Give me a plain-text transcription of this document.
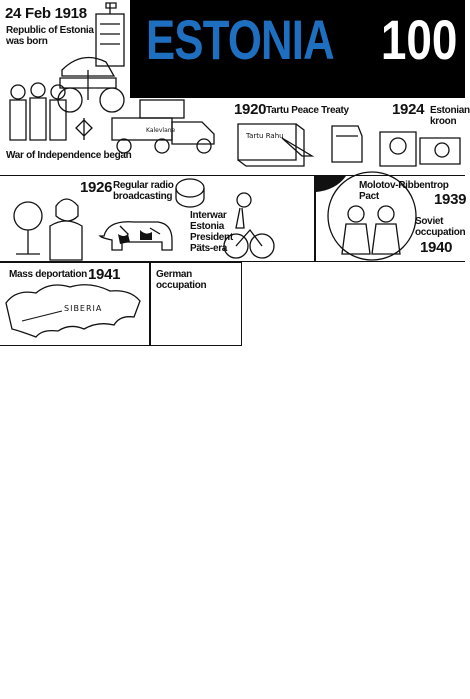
ESTONIA 100
24 Feb 1918
Republic of Estonia
was born
War of Independence began
Kalevlane
1920 Tartu Peace Treaty	1924 Estonian kroon
Tartu Rahu
1926 Regular radio
broadcasting
Interwar
Estonia
President
Päts-era
A	Molotov-Ribbentrop
Pact	1939
Soviet
occupation
1940
Mass deportation 1941
SIBERIA
German occupation
